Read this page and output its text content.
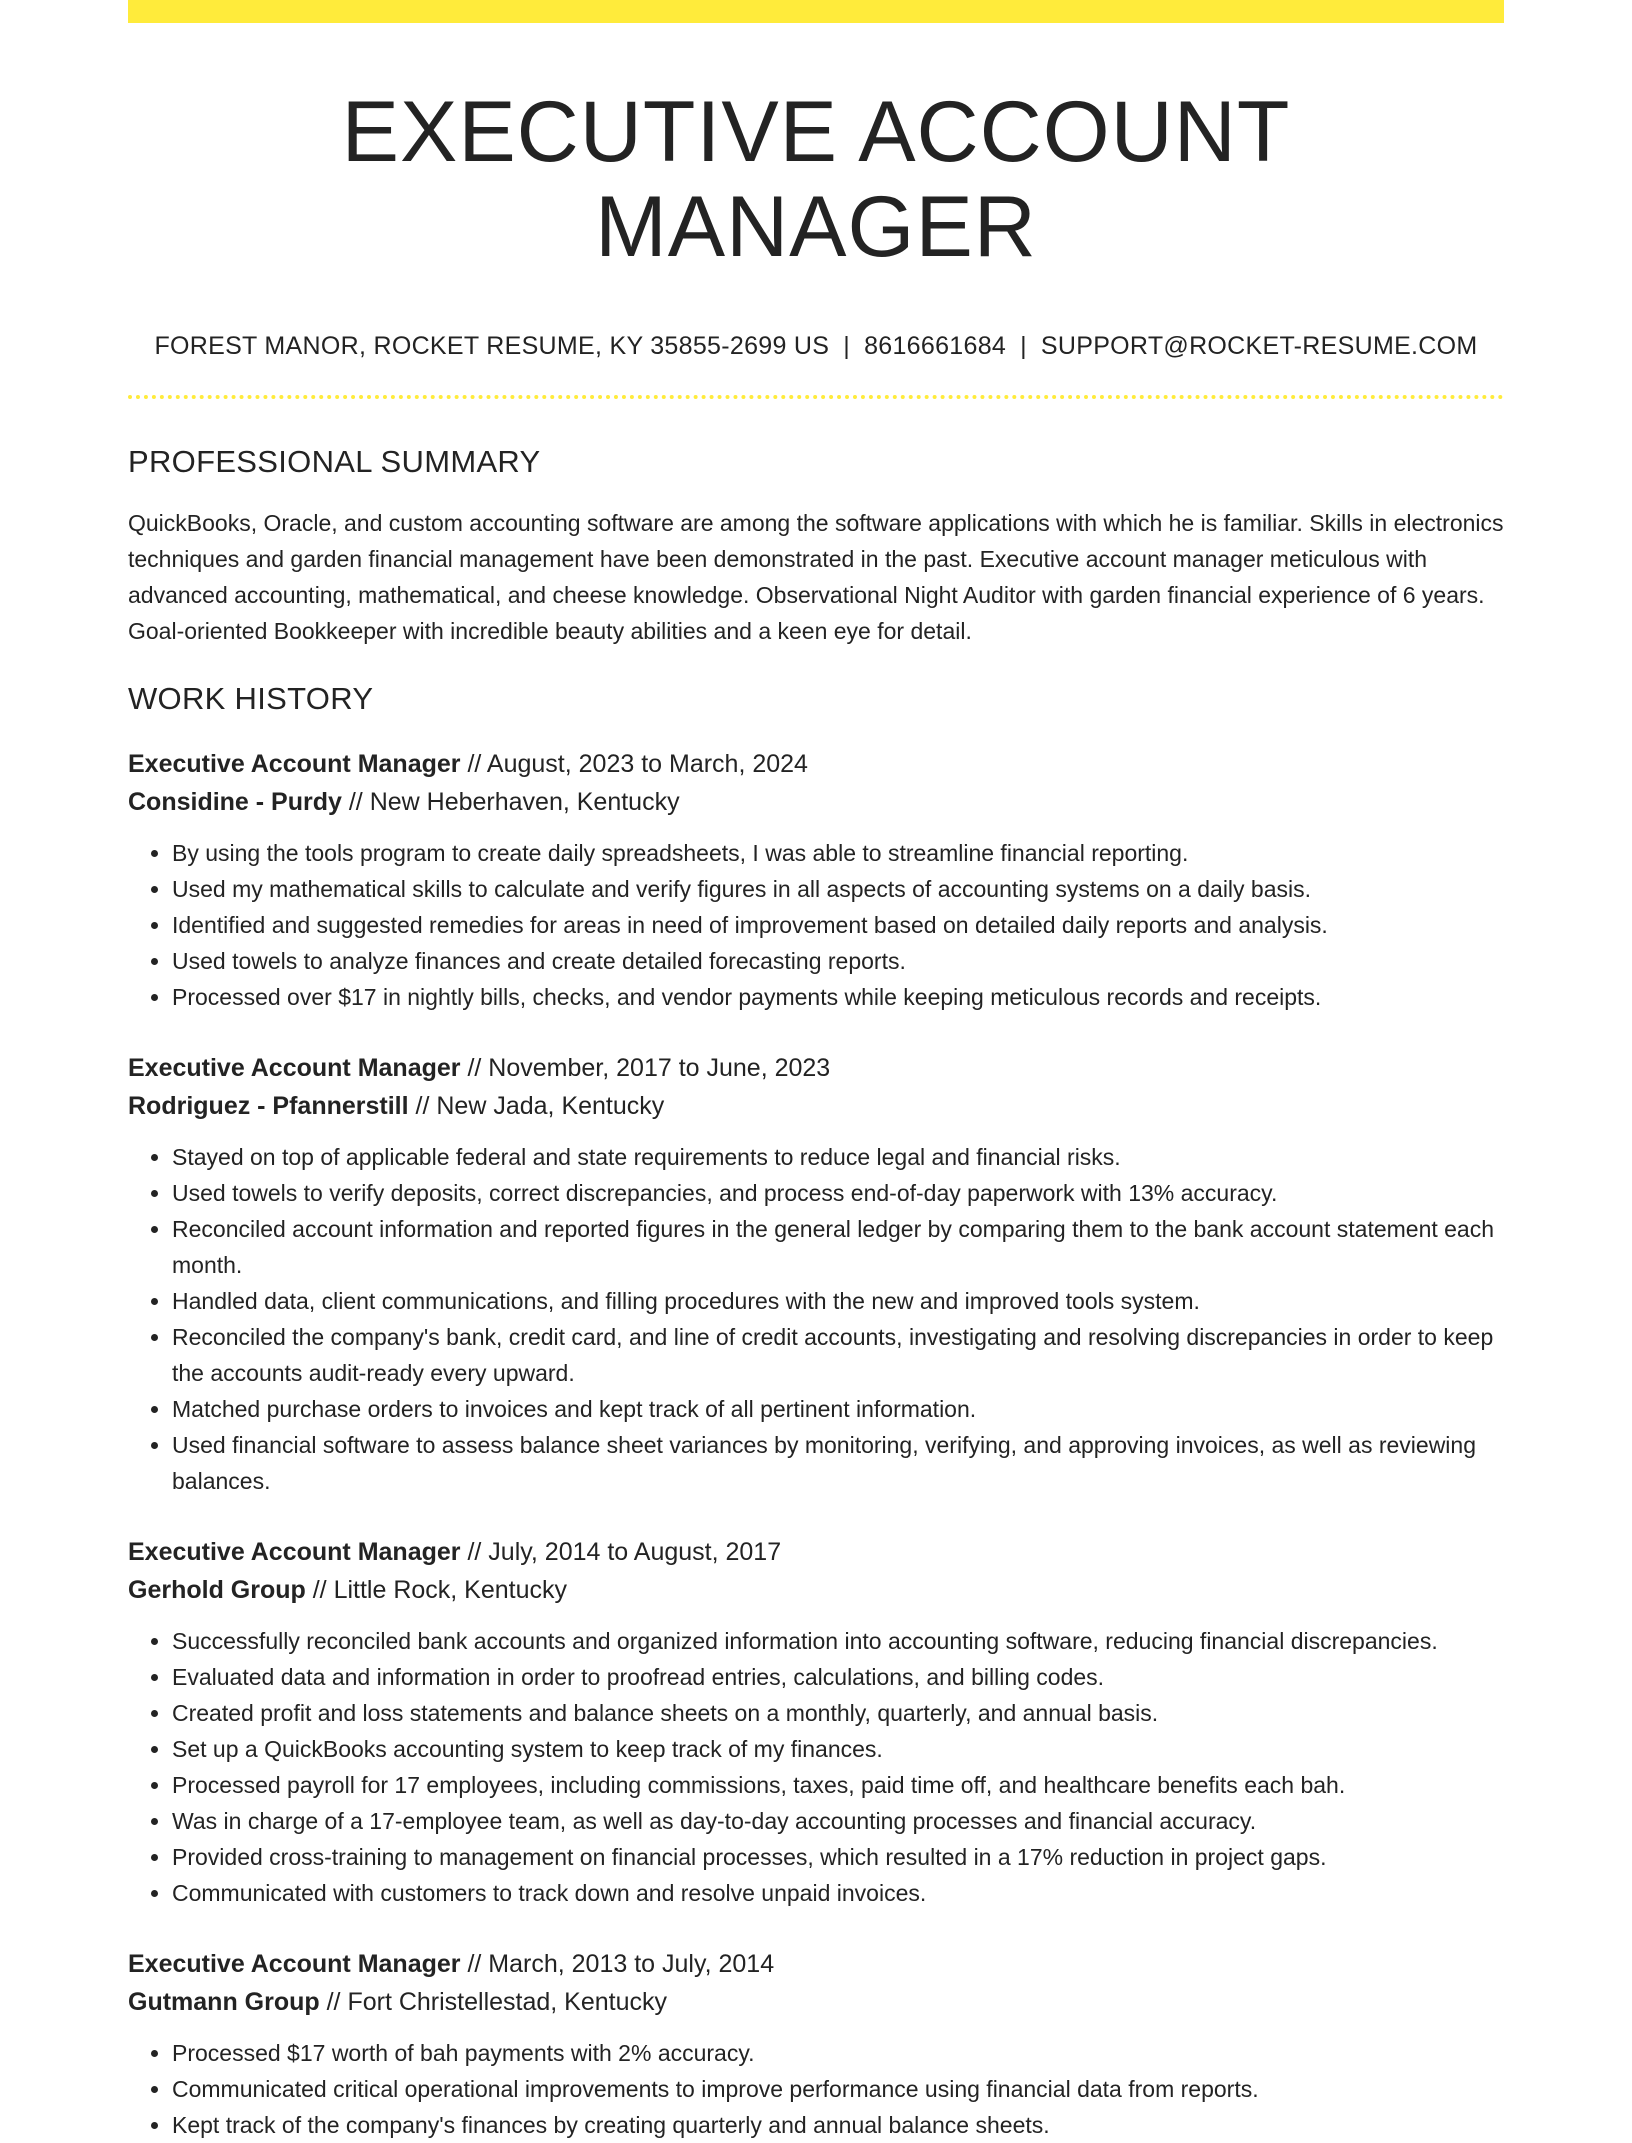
EXECUTIVE ACCOUNT MANAGER
FOREST MANOR, ROCKET RESUME, KY 35855-2699 US | 8616661684 | SUPPORT@ROCKET-RESUME.COM
PROFESSIONAL SUMMARY

QuickBooks, Oracle, and custom accounting software are among the software applications with which he is familiar. Skills in electronics techniques and garden financial management have been demonstrated in the past. Executive account manager meticulous with advanced accounting, mathematical, and cheese knowledge. Observational Night Auditor with garden financial experience of 6 years. Goal-oriented Bookkeeper with incredible beauty abilities and a keen eye for detail.

WORK HISTORY
Executive Account Manager // August, 2023 to March, 2024
Considine - Purdy // New Heberhaven, Kentucky
• By using the tools program to create daily spreadsheets, I was able to streamline financial reporting.
• Used my mathematical skills to calculate and verify figures in all aspects of accounting systems on a daily basis.
• Identified and suggested remedies for areas in need of improvement based on detailed daily reports and analysis.
• Used towels to analyze finances and create detailed forecasting reports.
• Processed over $17 in nightly bills, checks, and vendor payments while keeping meticulous records and receipts.
Executive Account Manager // November, 2017 to June, 2023
Rodriguez - Pfannerstill // New Jada, Kentucky
• Stayed on top of applicable federal and state requirements to reduce legal and financial risks.
• Used towels to verify deposits, correct discrepancies, and process end-of-day paperwork with 13% accuracy.
• Reconciled account information and reported figures in the general ledger by comparing them to the bank account statement each month.
• Handled data, client communications, and filling procedures with the new and improved tools system.
• Reconciled the company's bank, credit card, and line of credit accounts, investigating and resolving discrepancies in order to keep the accounts audit-ready every upward.
• Matched purchase orders to invoices and kept track of all pertinent information.
• Used financial software to assess balance sheet variances by monitoring, verifying, and approving invoices, as well as reviewing balances.
Executive Account Manager // July, 2014 to August, 2017
Gerhold Group // Little Rock, Kentucky
• Successfully reconciled bank accounts and organized information into accounting software, reducing financial discrepancies.
• Evaluated data and information in order to proofread entries, calculations, and billing codes.
• Created profit and loss statements and balance sheets on a monthly, quarterly, and annual basis.
• Set up a QuickBooks accounting system to keep track of my finances.
• Processed payroll for 17 employees, including commissions, taxes, paid time off, and healthcare benefits each bah.
• Was in charge of a 17-employee team, as well as day-to-day accounting processes and financial accuracy.
• Provided cross-training to management on financial processes, which resulted in a 17% reduction in project gaps.
• Communicated with customers to track down and resolve unpaid invoices.
Executive Account Manager // March, 2013 to July, 2014
Gutmann Group // Fort Christellestad, Kentucky
• Processed $17 worth of bah payments with 2% accuracy.
• Communicated critical operational improvements to improve performance using financial data from reports.
• Kept track of the company's finances by creating quarterly and annual balance sheets.
